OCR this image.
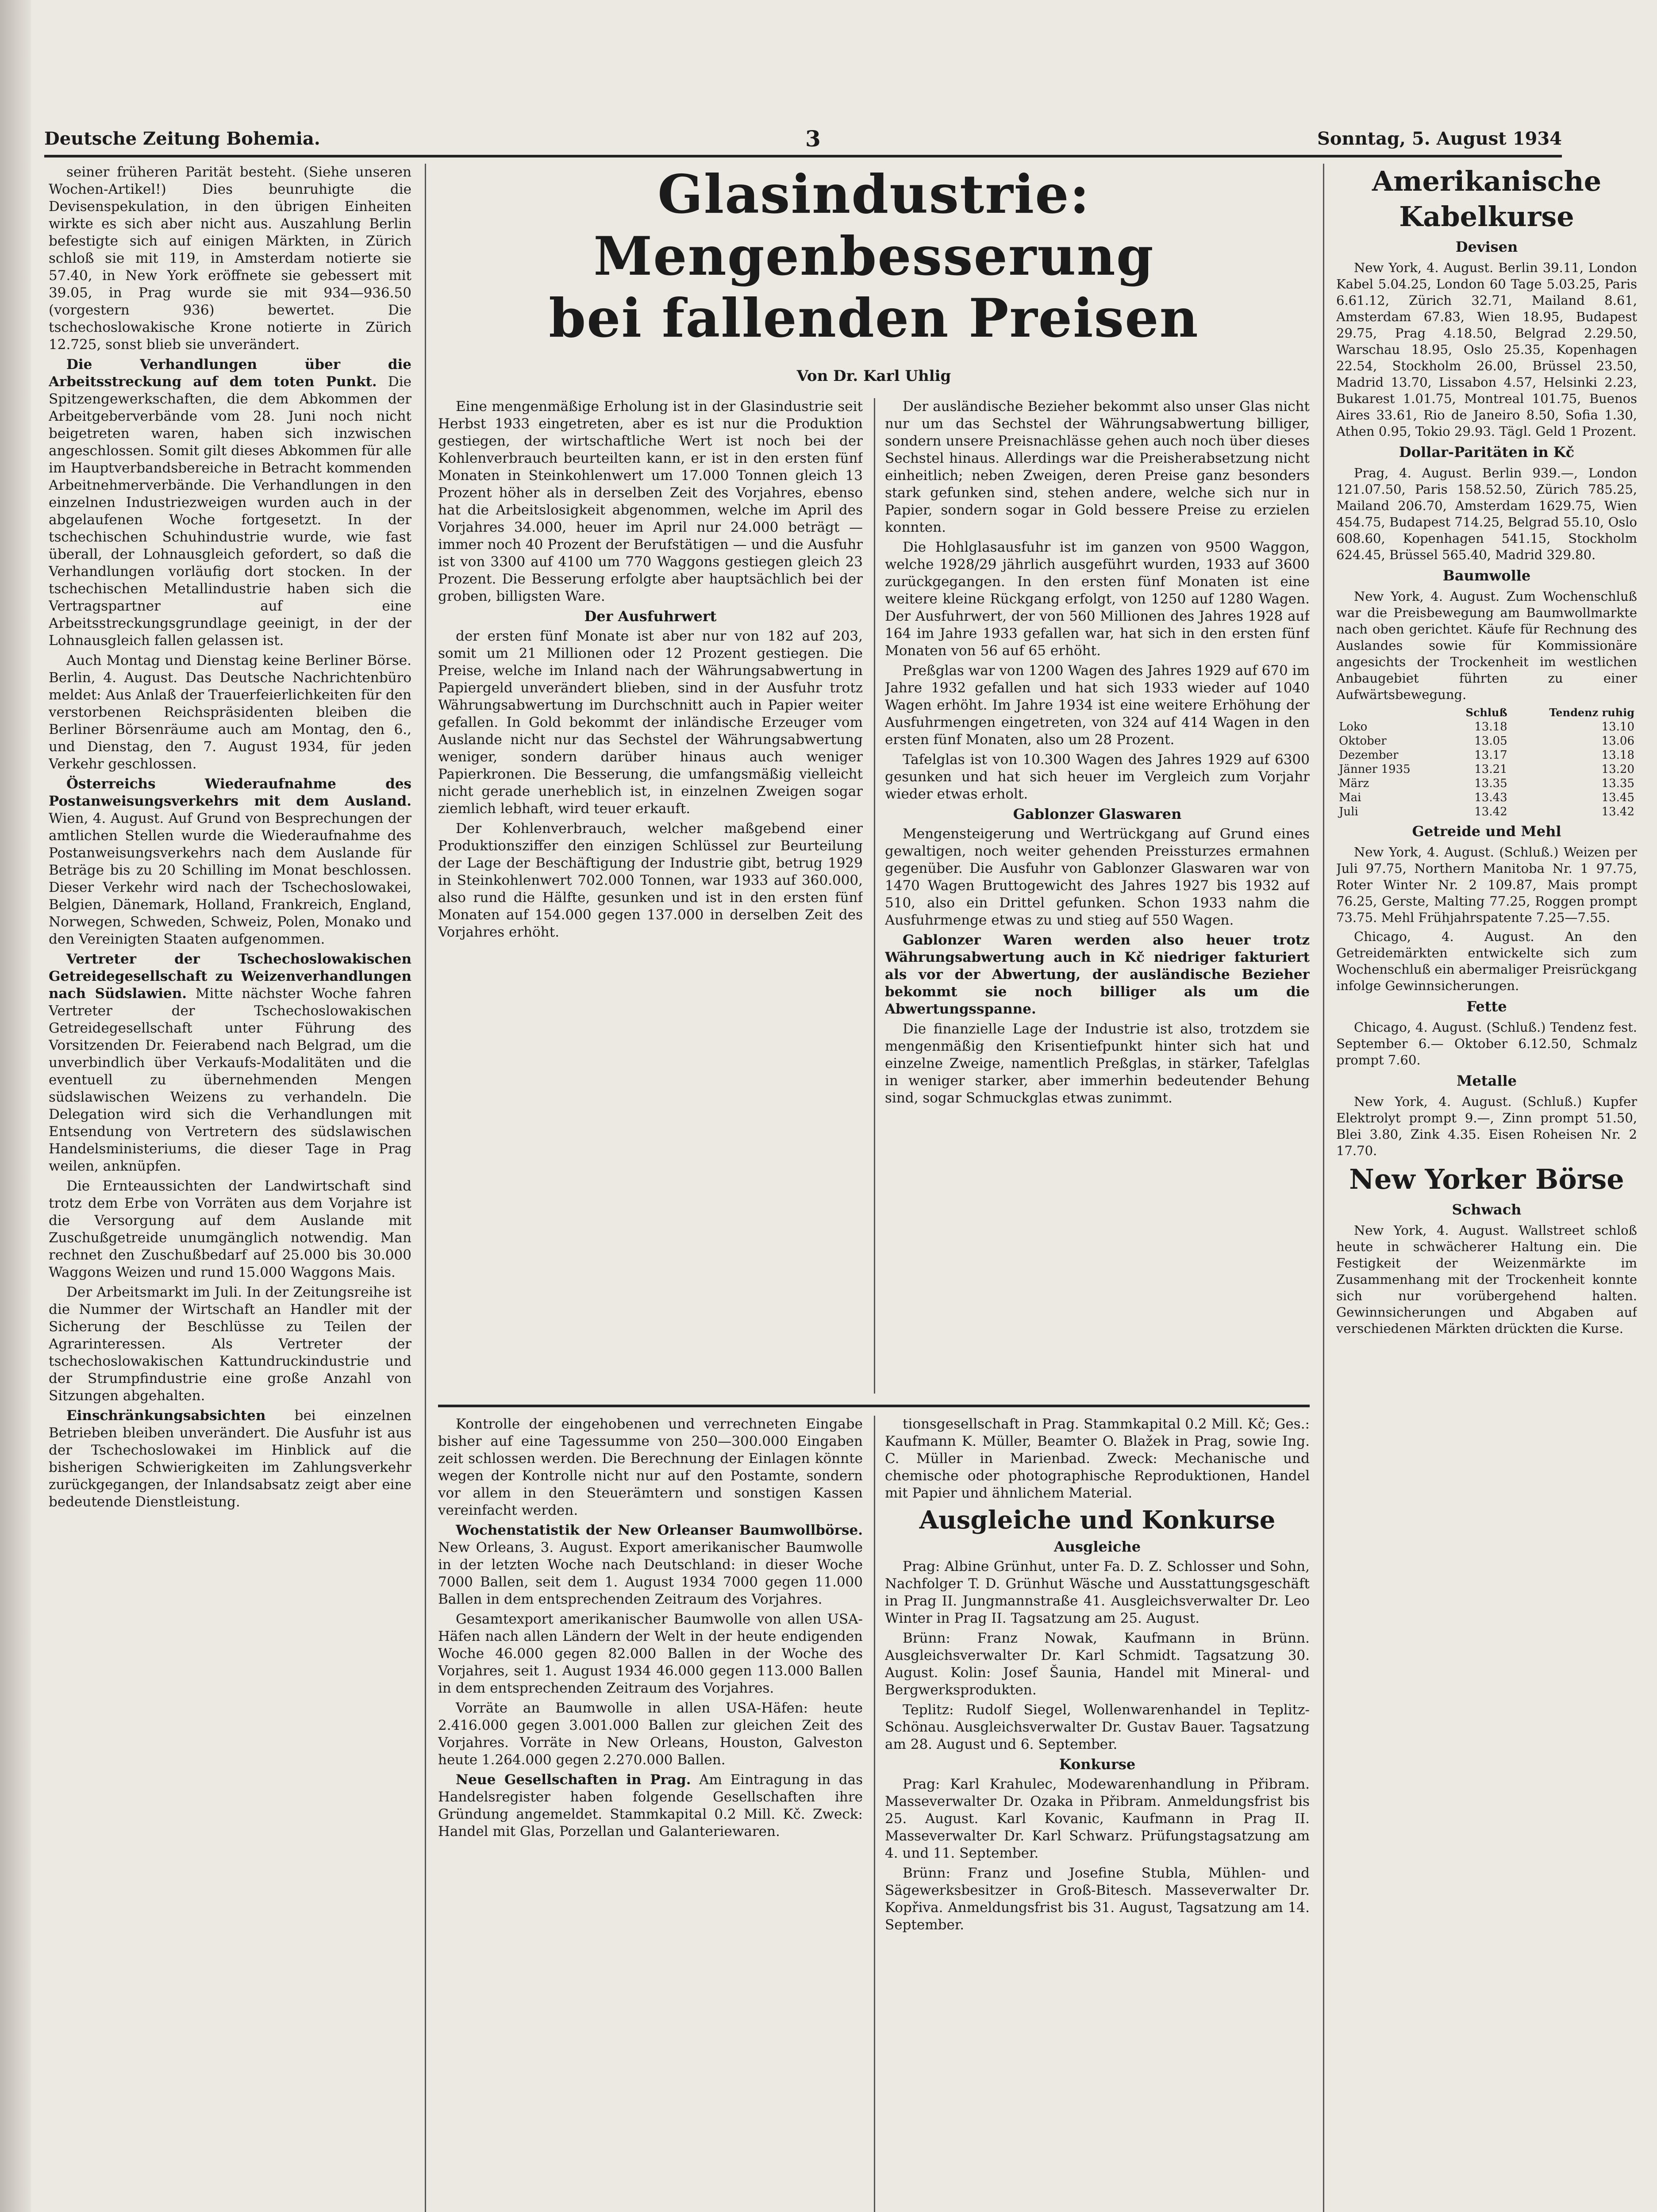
Deutsche Zeitung Bohemia.	3	Sonntag, 5. August 1934

seiner früheren Parität besteht. (Siehe unseren Wochen-Artikel!) Dies beunruhigte die Devisenspekulation, in den übrigen Einheiten wirkte es sich aber nicht aus. Auszahlung Berlin befestigte sich auf einigen Märkten, in Zürich schloß sie mit 119, in Amsterdam notierte sie 57.40, in New York eröffnete sie gebessert mit 39.05, in Prag wurde sie mit 934—936.50 (vorgestern 936) bewertet. Die tschechoslowakische Krone notierte in Zürich 12.725, sonst blieb sie unverändert.

Die Verhandlungen über die Arbeitsstreckung auf dem toten Punkt. Die Spitzengewerkschaften, die dem Abkommen der Arbeitgeberverbände vom 28. Juni noch nicht beigetreten waren, haben sich inzwischen angeschlossen. Somit gilt dieses Abkommen für alle im Hauptverbandsbereiche in Betracht kommenden Arbeitnehmerverbände. Die Verhandlungen in den einzelnen Industriezweigen wurden auch in der abgelaufenen Woche fortgesetzt. In der tschechischen Schuhindustrie wurde, wie fast überall, der Lohnausgleich gefordert, so daß die Verhandlungen vorläufig dort stocken. In der tschechischen Metallindustrie haben sich die Vertragspartner auf eine Arbeitsstreckungsgrundlage geeinigt, in der der Lohnausgleich fallen gelassen ist.

Auch Montag und Dienstag keine Berliner Börse. Berlin, 4. August. Das Deutsche Nachrichtenbüro meldet: Aus Anlaß der Trauerfeierlichkeiten für den verstorbenen Reichspräsidenten bleiben die Berliner Börsenräume auch am Montag, den 6., und Dienstag, den 7. August 1934, für jeden Verkehr geschlossen.

Österreichs Wiederaufnahme des Postanweisungsverkehrs mit dem Ausland. Wien, 4. August. Auf Grund von Besprechungen der amtlichen Stellen wurde die Wiederaufnahme des Postanweisungsverkehrs nach dem Auslande für Beträge bis zu 20 Schilling im Monat beschlossen. Dieser Verkehr wird nach der Tschechoslowakei, Belgien, Dänemark, Holland, Frankreich, England, Norwegen, Schweden, Schweiz, Polen, Monako und den Vereinigten Staaten aufgenommen.

Vertreter der Tschechoslowakischen Getreidegesellschaft zu Weizenverhandlungen nach Südslawien. Mitte nächster Woche fahren Vertreter der Tschechoslowakischen Getreidegesellschaft unter Führung des Vorsitzenden Dr. Feierabend nach Belgrad, um die unverbindlich über Verkaufs-Modalitäten und die eventuell zu übernehmenden Mengen südslawischen Weizens zu verhandeln. Die Delegation wird sich die Verhandlungen mit Entsendung von Vertretern des südslawischen Handelsministeriums, die dieser Tage in Prag weilen, anknüpfen.

Die Ernteaussichten der Landwirtschaft sind trotz dem Erbe von Vorräten aus dem Vorjahre ist die Versorgung auf dem Auslande mit Zuschußgetreide unumgänglich notwendig. Man rechnet den Zuschußbedarf auf 25.000 bis 30.000 Waggons Weizen und rund 15.000 Waggons Mais.

Der Arbeitsmarkt im Juli. In der Zeitungsreihe ist die Nummer der Wirtschaft an Handler mit der Sicherung der Beschlüsse zu Teilen der Agrarinteressen. Als Vertreter der tschechoslowakischen Kattundruckindustrie und der Strumpfindustrie eine große Anzahl von Sitzungen abgehalten.

Einschränkungsabsichten bei einzelnen Betrieben bleiben unverändert. Die Ausfuhr ist aus der Tschechoslowakei im Hinblick auf die bisherigen Schwierigkeiten im Zahlungsverkehr zurückgegangen, der Inlandsabsatz zeigt aber eine bedeutende Dienstleistung.

Glasindustrie: Mengenbesserung
bei fallenden Preisen
Von Dr. Karl Uhlig

Eine mengenmäßige Erholung ist in der Glasindustrie seit Herbst 1933 eingetreten, aber es ist nur die Produktion gestiegen, der wirtschaftliche Wert ist noch bei der Kohlenverbrauch beurteilten kann, er ist in den ersten fünf Monaten in Steinkohlenwert um 17.000 Tonnen gleich 13 Prozent höher als in derselben Zeit des Vorjahres, ebenso hat die Arbeitslosigkeit abgenommen, welche im April des Vorjahres 34.000, heuer im April nur 24.000 beträgt — immer noch 40 Prozent der Berufstätigen — und die Ausfuhr ist von 3300 auf 4100 um 770 Waggons gestiegen gleich 23 Prozent. Die Besserung erfolgte aber hauptsächlich bei der groben, billigsten Ware.

Der Ausfuhrwert

der ersten fünf Monate ist aber nur von 182 auf 203, somit um 21 Millionen oder 12 Prozent gestiegen. Die Preise, welche im Inland nach der Währungsabwertung in Papiergeld unverändert blieben, sind in der Ausfuhr trotz Währungsabwertung im Durchschnitt auch in Papier weiter gefallen. In Gold bekommt der inländische Erzeuger vom Auslande nicht nur das Sechstel der Währungsabwertung weniger, sondern darüber hinaus auch weniger Papierkronen. Die Besserung, die umfangsmäßig vielleicht nicht gerade unerheblich ist, in einzelnen Zweigen sogar ziemlich lebhaft, wird teuer erkauft.

Der Kohlenverbrauch, welcher maßgebend einer Produktionsziffer den einzigen Schlüssel zur Beurteilung der Lage der Beschäftigung der Industrie gibt, betrug 1929 in Steinkohlenwert 702.000 Tonnen, war 1933 auf 360.000, also rund die Hälfte, gesunken und ist in den ersten fünf Monaten auf 154.000 gegen 137.000 in derselben Zeit des Vorjahres erhöht.

Der ausländische Bezieher bekommt also unser Glas nicht nur um das Sechstel der Währungsabwertung billiger, sondern unsere Preisnachlässe gehen auch noch über dieses Sechstel hinaus. Allerdings war die Preisherabsetzung nicht einheitlich; neben Zweigen, deren Preise ganz besonders stark gefunken sind, stehen andere, welche sich nur in Papier, sondern sogar in Gold bessere Preise zu erzielen konnten.

Die Hohlglasausfuhr ist im ganzen von 9500 Waggon, welche 1928/29 jährlich ausgeführt wurden, 1933 auf 3600 zurückgegangen. In den ersten fünf Monaten ist eine weitere kleine Rückgang erfolgt, von 1250 auf 1280 Wagen. Der Ausfuhrwert, der von 560 Millionen des Jahres 1928 auf 164 im Jahre 1933 gefallen war, hat sich in den ersten fünf Monaten von 56 auf 65 erhöht.

Preßglas war von 1200 Wagen des Jahres 1929 auf 670 im Jahre 1932 gefallen und hat sich 1933 wieder auf 1040 Wagen erhöht. Im Jahre 1934 ist eine weitere Erhöhung der Ausfuhrmengen eingetreten, von 324 auf 414 Wagen in den ersten fünf Monaten, also um 28 Prozent.

Tafelglas ist von 10.300 Wagen des Jahres 1929 auf 6300 gesunken und hat sich heuer im Vergleich zum Vorjahr wieder etwas erholt.

Gablonzer Glaswaren

Mengensteigerung und Wertrückgang auf Grund eines gewaltigen, noch weiter gehenden Preissturzes ermahnen gegenüber. Die Ausfuhr von Gablonzer Glaswaren war von 1470 Wagen Bruttogewicht des Jahres 1927 bis 1932 auf 510, also ein Drittel gefunken. Schon 1933 nahm die Ausfuhrmenge etwas zu und stieg auf 550 Wagen.

Gablonzer Waren werden also heuer trotz Währungsabwertung auch in Kč niedriger fakturiert als vor der Abwertung, der ausländische Bezieher bekommt sie noch billiger als um die Abwertungsspanne.

Die finanzielle Lage der Industrie ist also, trotzdem sie mengenmäßig den Krisentiefpunkt hinter sich hat und einzelne Zweige, namentlich Preßglas, in stärker, Tafelglas in weniger starker, aber immerhin bedeutender Behung sind, sogar Schmuckglas etwas zunimmt.

Kontrolle der eingehobenen und verrechneten Eingabe bisher auf eine Tagessumme von 250—300.000 Eingaben zeit schlossen werden. Die Berechnung der Einlagen könnte wegen der Kontrolle nicht nur auf den Postamte, sondern vor allem in den Steuerämtern und sonstigen Kassen vereinfacht werden.

Wochenstatistik der New Orleanser Baumwollbörse. New Orleans, 3. August. Export amerikanischer Baumwolle in der letzten Woche nach Deutschland: in dieser Woche 7000 Ballen, seit dem 1. August 1934 7000 gegen 11.000 Ballen in dem entsprechenden Zeitraum des Vorjahres.

Gesamtexport amerikanischer Baumwolle von allen USA-Häfen nach allen Ländern der Welt in der heute endigenden Woche 46.000 gegen 82.000 Ballen in der Woche des Vorjahres, seit 1. August 1934 46.000 gegen 113.000 Ballen in dem entsprechenden Zeitraum des Vorjahres.

Vorräte an Baumwolle in allen USA-Häfen: heute 2.416.000 gegen 3.001.000 Ballen zur gleichen Zeit des Vorjahres. Vorräte in New Orleans, Houston, Galveston heute 1.264.000 gegen 2.270.000 Ballen.

Neue Gesellschaften in Prag. Am Eintragung in das Handelsregister haben folgende Gesellschaften ihre Gründung angemeldet. Stammkapital 0.2 Mill. Kč. Zweck: Handel mit Glas, Porzellan und Galanteriewaren.

tionsgesellschaft in Prag. Stammkapital 0.2 Mill. Kč; Ges.: Kaufmann K. Müller, Beamter O. Blažek in Prag, sowie Ing. C. Müller in Marienbad. Zweck: Mechanische und chemische oder photographische Reproduktionen, Handel mit Papier und ähnlichem Material.

Ausgleiche und Konkurse

Ausgleiche

Prag: Albine Grünhut, unter Fa. D. Z. Schlosser und Sohn, Nachfolger T. D. Grünhut Wäsche und Ausstattungsgeschäft in Prag II. Jungmannstraße 41. Ausgleichsverwalter Dr. Leo Winter in Prag II. Tagsatzung am 25. August.

Brünn: Franz Nowak, Kaufmann in Brünn. Ausgleichsverwalter Dr. Karl Schmidt. Tagsatzung 30. August. Kolin: Josef Šauniа, Handel mit Mineral- und Bergwerksprodukten.

Teplitz: Rudolf Siegel, Wollenwarenhandel in Teplitz-Schönau. Ausgleichsverwalter Dr. Gustav Bauer. Tagsatzung am 28. August und 6. September.

Konkurse

Prag: Karl Krahulec, Modewarenhandlung in Přibram. Masseverwalter Dr. Ozaka in Přibram. Anmeldungsfrist bis 25. August. Karl Kovanic, Kaufmann in Prag II. Masseverwalter Dr. Karl Schwarz. Prüfungstagsatzung am 4. und 11. September.

Brünn: Franz und Josefine Stubla, Mühlen- und Sägewerksbesitzer in Groß-Bitesch. Masseverwalter Dr. Kopřiva. Anmeldungsfrist bis 31. August, Tagsatzung am 14. September.

Amerikanische Kabelkurse
Devisen

New York, 4. August. Berlin 39.11, London Kabel 5.04.25, London 60 Tage 5.03.25, Paris 6.61.12, Zürich 32.71, Mailand 8.61, Amsterdam 67.83, Wien 18.95, Budapest 29.75, Prag 4.18.50, Belgrad 2.29.50, Warschau 18.95, Oslo 25.35, Kopenhagen 22.54, Stockholm 26.00, Brüssel 23.50, Madrid 13.70, Lissabon 4.57, Helsinki 2.23, Bukarest 1.01.75, Montreal 101.75, Buenos Aires 33.61, Rio de Janeiro 8.50, Sofia 1.30, Athen 0.95, Tokio 29.93. Tägl. Geld 1 Prozent.

Dollar-Paritäten in Kč

Prag, 4. August. Berlin 939.—, London 121.07.50, Paris 158.52.50, Zürich 785.25, Mailand 206.70, Amsterdam 1629.75, Wien 454.75, Budapest 714.25, Belgrad 55.10, Oslo 608.60, Kopenhagen 541.15, Stockholm 624.45, Brüssel 565.40, Madrid 329.80.

Baumwolle

New York, 4. August. Zum Wochenschluß war die Preisbewegung am Baumwollmarkte nach oben gerichtet. Käufe für Rechnung des Auslandes sowie für Kommissionäre angesichts der Trockenheit im westlichen Anbaugebiet führten zu einer Aufwärtsbewegung.

	Schluß	Tendenz ruhig
Loko	13.18	13.10
Oktober	13.05	13.06
Dezember	13.17	13.18
Jänner 1935	13.21	13.20
März	13.35	13.35
Mai	13.43	13.45
Juli	13.42	13.42
Getreide und Mehl

New York, 4. August. (Schluß.) Weizen per Juli 97.75, Northern Manitoba Nr. 1 97.75, Roter Winter Nr. 2 109.87, Mais prompt 76.25, Gerste, Malting 77.25, Roggen prompt 73.75. Mehl Frühjahrspatente 7.25—7.55.

Chicago, 4. August. An den Getreidemärkten entwickelte sich zum Wochenschluß ein abermaliger Preisrückgang infolge Gewinnsicherungen.

Fette

Chicago, 4. August. (Schluß.) Tendenz fest. September 6.— Oktober 6.12.50, Schmalz prompt 7.60.

Metalle

New York, 4. August. (Schluß.) Kupfer Elektrolyt prompt 9.—, Zinn prompt 51.50, Blei 3.80, Zink 4.35. Eisen Roheisen Nr. 2 17.70.

New Yorker Börse
Schwach

New York, 4. August. Wallstreet schloß heute in schwächerer Haltung ein. Die Festigkeit der Weizenmärkte im Zusammenhang mit der Trockenheit konnte sich nur vorübergehend halten. Gewinnsicherungen und Abgaben auf verschiedenen Märkten drückten die Kurse.
